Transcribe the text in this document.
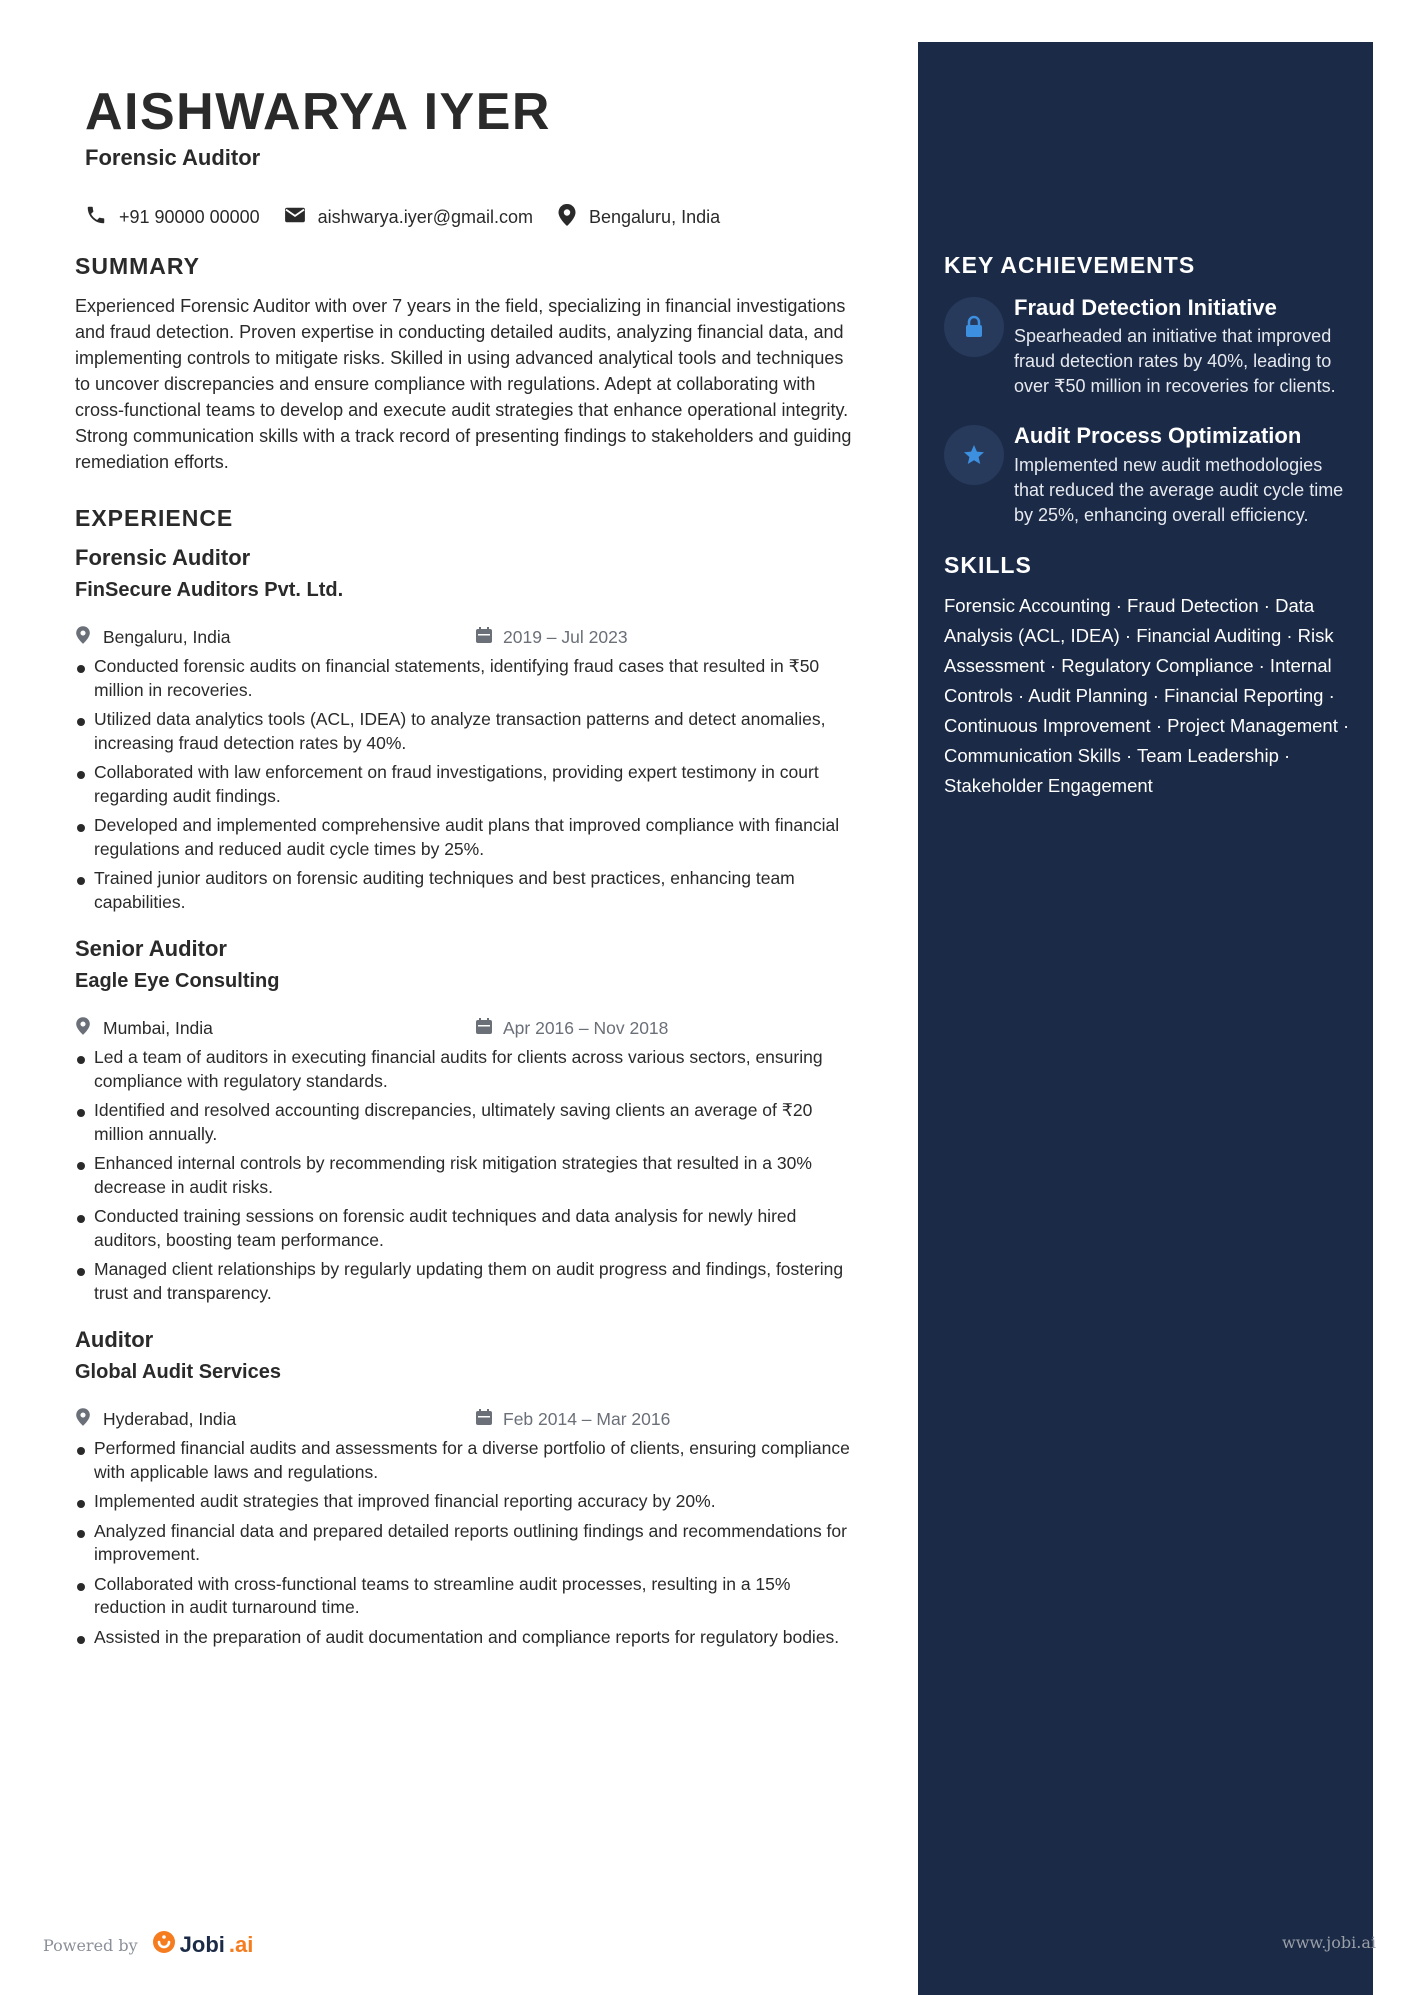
KEY ACHIEVEMENTS
Fraud Detection Initiative
Spearheaded an initiative that improved fraud detection rates by 40%, leading to over ₹50 million in recoveries for clients.
Audit Process Optimization
Implemented new audit methodologies that reduced the average audit cycle time by 25%, enhancing overall efficiency.
SKILLS
Forensic Accounting · Fraud Detection · Data Analysis (ACL, IDEA) · Financial Auditing · Risk Assessment · Regulatory Compliance · Internal Controls · Audit Planning · Financial Reporting · Continuous Improvement · Project Management · Communication Skills · Team Leadership · Stakeholder Engagement
AISHWARYA IYER
Forensic Auditor
+91 90000 00000	aishwarya.iyer@gmail.com	Bengaluru, India
SUMMARY
Experienced Forensic Auditor with over 7 years in the field, specializing in financial investigations and fraud detection. Proven expertise in conducting detailed audits, analyzing financial data, and implementing controls to mitigate risks. Skilled in using advanced analytical tools and techniques to uncover discrepancies and ensure compliance with regulations. Adept at collaborating with cross-functional teams to develop and execute audit strategies that enhance operational integrity. Strong communication skills with a track record of presenting findings to stakeholders and guiding remediation efforts.
EXPERIENCE
Forensic Auditor
FinSecure Auditors Pvt. Ltd.
Bengaluru, India	2019 – Jul 2023
Conducted forensic audits on financial statements, identifying fraud cases that resulted in ₹50 million in recoveries.
Utilized data analytics tools (ACL, IDEA) to analyze transaction patterns and detect anomalies, increasing fraud detection rates by 40%.
Collaborated with law enforcement on fraud investigations, providing expert testimony in court regarding audit findings.
Developed and implemented comprehensive audit plans that improved compliance with financial regulations and reduced audit cycle times by 25%.
Trained junior auditors on forensic auditing techniques and best practices, enhancing team capabilities.
Senior Auditor
Eagle Eye Consulting
Mumbai, India	Apr 2016 – Nov 2018
Led a team of auditors in executing financial audits for clients across various sectors, ensuring compliance with regulatory standards.
Identified and resolved accounting discrepancies, ultimately saving clients an average of ₹20 million annually.
Enhanced internal controls by recommending risk mitigation strategies that resulted in a 30% decrease in audit risks.
Conducted training sessions on forensic audit techniques and data analysis for newly hired auditors, boosting team performance.
Managed client relationships by regularly updating them on audit progress and findings, fostering trust and transparency.
Auditor
Global Audit Services
Hyderabad, India	Feb 2014 – Mar 2016
Performed financial audits and assessments for a diverse portfolio of clients, ensuring compliance with applicable laws and regulations.
Implemented audit strategies that improved financial reporting accuracy by 20%.
Analyzed financial data and prepared detailed reports outlining findings and recommendations for improvement.
Collaborated with cross-functional teams to streamline audit processes, resulting in a 15% reduction in audit turnaround time.
Assisted in the preparation of audit documentation and compliance reports for regulatory bodies.
Powered by Jobi .ai	www.jobi.ai
